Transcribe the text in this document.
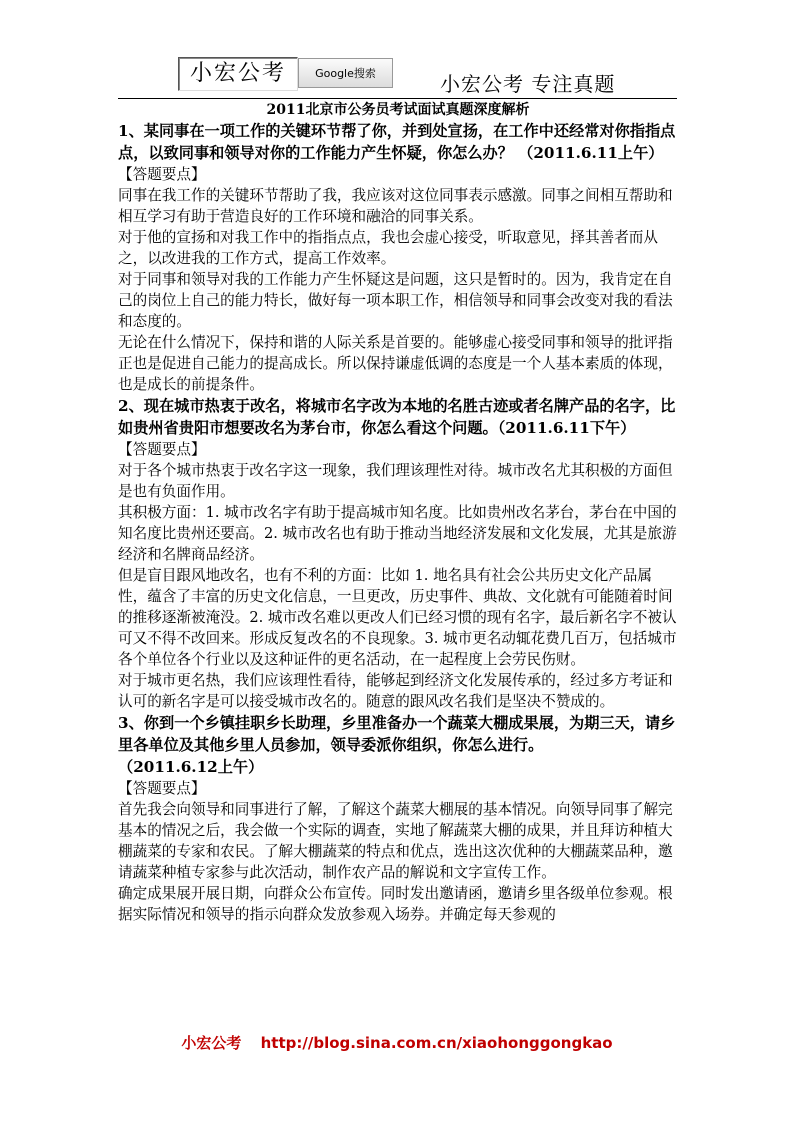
小宏公考	Google搜索	小宏公考 专注真题
2011北京市公务员考试面试真题深度解析
1、某同事在一项工作的关键环节帮了你，并到处宣扬，在工作中还经常对你指指点点，以致同事和领导对你的工作能力产生怀疑，你怎么办？ （2011.6.11上午）
【答题要点】
同事在我工作的关键环节帮助了我，我应该对这位同事表示感激。同事之间相互帮助和相互学习有助于营造良好的工作环境和融洽的同事关系。
对于他的宣扬和对我工作中的指指点点，我也会虚心接受，听取意见，择其善者而从之，以改进我的工作方式，提高工作效率。
对于同事和领导对我的工作能力产生怀疑这是问题，这只是暂时的。因为，我肯定在自己的岗位上自己的能力特长，做好每一项本职工作，相信领导和同事会改变对我的看法和态度的。
无论在什么情况下，保持和谐的人际关系是首要的。能够虚心接受同事和领导的批评指正也是促进自己能力的提高成长。所以保持谦虚低调的态度是一个人基本素质的体现，也是成长的前提条件。
2、现在城市热衷于改名，将城市名字改为本地的名胜古迹或者名牌产品的名字，比如贵州省贵阳市想要改名为茅台市，你怎么看这个问题。（2011.6.11下午）
【答题要点】
对于各个城市热衷于改名字这一现象，我们理该理性对待。城市改名尤其积极的方面但是也有负面作用。
其积极方面：1. 城市改名字有助于提高城市知名度。比如贵州改名茅台，茅台在中国的知名度比贵州还要高。2. 城市改名也有助于推动当地经济发展和文化发展，尤其是旅游经济和名牌商品经济。
但是盲目跟风地改名，也有不利的方面：比如 1. 地名具有社会公共历史文化产品属性，蕴含了丰富的历史文化信息，一旦更改，历史事件、典故、文化就有可能随着时间的推移逐渐被淹没。2. 城市改名难以更改人们已经习惯的现有名字，最后新名字不被认可又不得不改回来。形成反复改名的不良现象。3. 城市更名动辄花费几百万，包括城市各个单位各个行业以及这种证件的更名活动，在一起程度上会劳民伤财。
对于城市更名热，我们应该理性看待，能够起到经济文化发展传承的，经过多方考证和认可的新名字是可以接受城市改名的。随意的跟风改名我们是坚决不赞成的。
3、你到一个乡镇挂职乡长助理，乡里准备办一个蔬菜大棚成果展，为期三天，请乡里各单位及其他乡里人员参加，领导委派你组织，你怎么进行。
（2011.6.12上午）
【答题要点】
首先我会向领导和同事进行了解，了解这个蔬菜大棚展的基本情况。向领导同事了解完基本的情况之后，我会做一个实际的调查，实地了解蔬菜大棚的成果，并且拜访种植大棚蔬菜的专家和农民。了解大棚蔬菜的特点和优点，选出这次优种的大棚蔬菜品种，邀请蔬菜种植专家参与此次活动，制作农产品的解说和文字宣传工作。
确定成果展开展日期，向群众公布宣传。同时发出邀请函，邀请乡里各级单位参观。根据实际情况和领导的指示向群众发放参观入场券。并确定每天参观的
小宏公考 http://blog.sina.com.cn/xiaohonggongkao
